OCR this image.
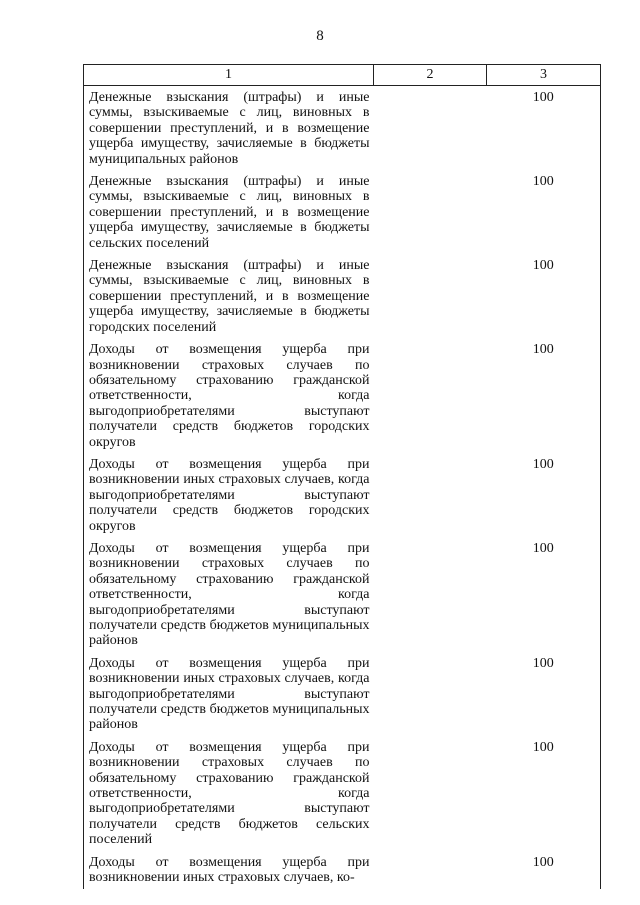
8
1	2	3

Денежные взыскания (штрафы) и иные суммы, взыскиваемые с лиц, виновных в совершении преступлений, и в возмещение ущерба имуществу, зачисляемые в бюджеты муниципальных районов		100

Денежные взыскания (штрафы) и иные суммы, взыскиваемые с лиц, виновных в совершении преступлений, и в возмещение ущерба имуществу, зачисляемые в бюджеты сельских поселений		100

Денежные взыскания (штрафы) и иные суммы, взыскиваемые с лиц, виновных в совершении преступлений, и в возмещение ущерба имуществу, зачисляемые в бюджеты городских поселений		100

Доходы от возмещения ущерба при возникновении страховых случаев по обязательному страхованию гражданской ответственности, когда выгодоприобретателями выступают получатели средств бюджетов городских округов		100

Доходы от возмещения ущерба при возникновении иных страховых случаев, когда выгодоприобретателями выступают получатели средств бюджетов городских округов		100

Доходы от возмещения ущерба при возникновении страховых случаев по обязательному страхованию гражданской ответственности, когда выгодоприобретателями выступают получатели средств бюджетов муниципальных районов		100

Доходы от возмещения ущерба при возникновении иных страховых случаев, когда выгодоприобретателями выступают получатели средств бюджетов муниципальных районов		100

Доходы от возмещения ущерба при возникновении страховых случаев по обязательному страхованию гражданской ответственности, когда выгодоприобретателями выступают получатели средств бюджетов сельских поселений		100

Доходы от возмещения ущерба при возникновении иных страховых случаев, ко-		100
